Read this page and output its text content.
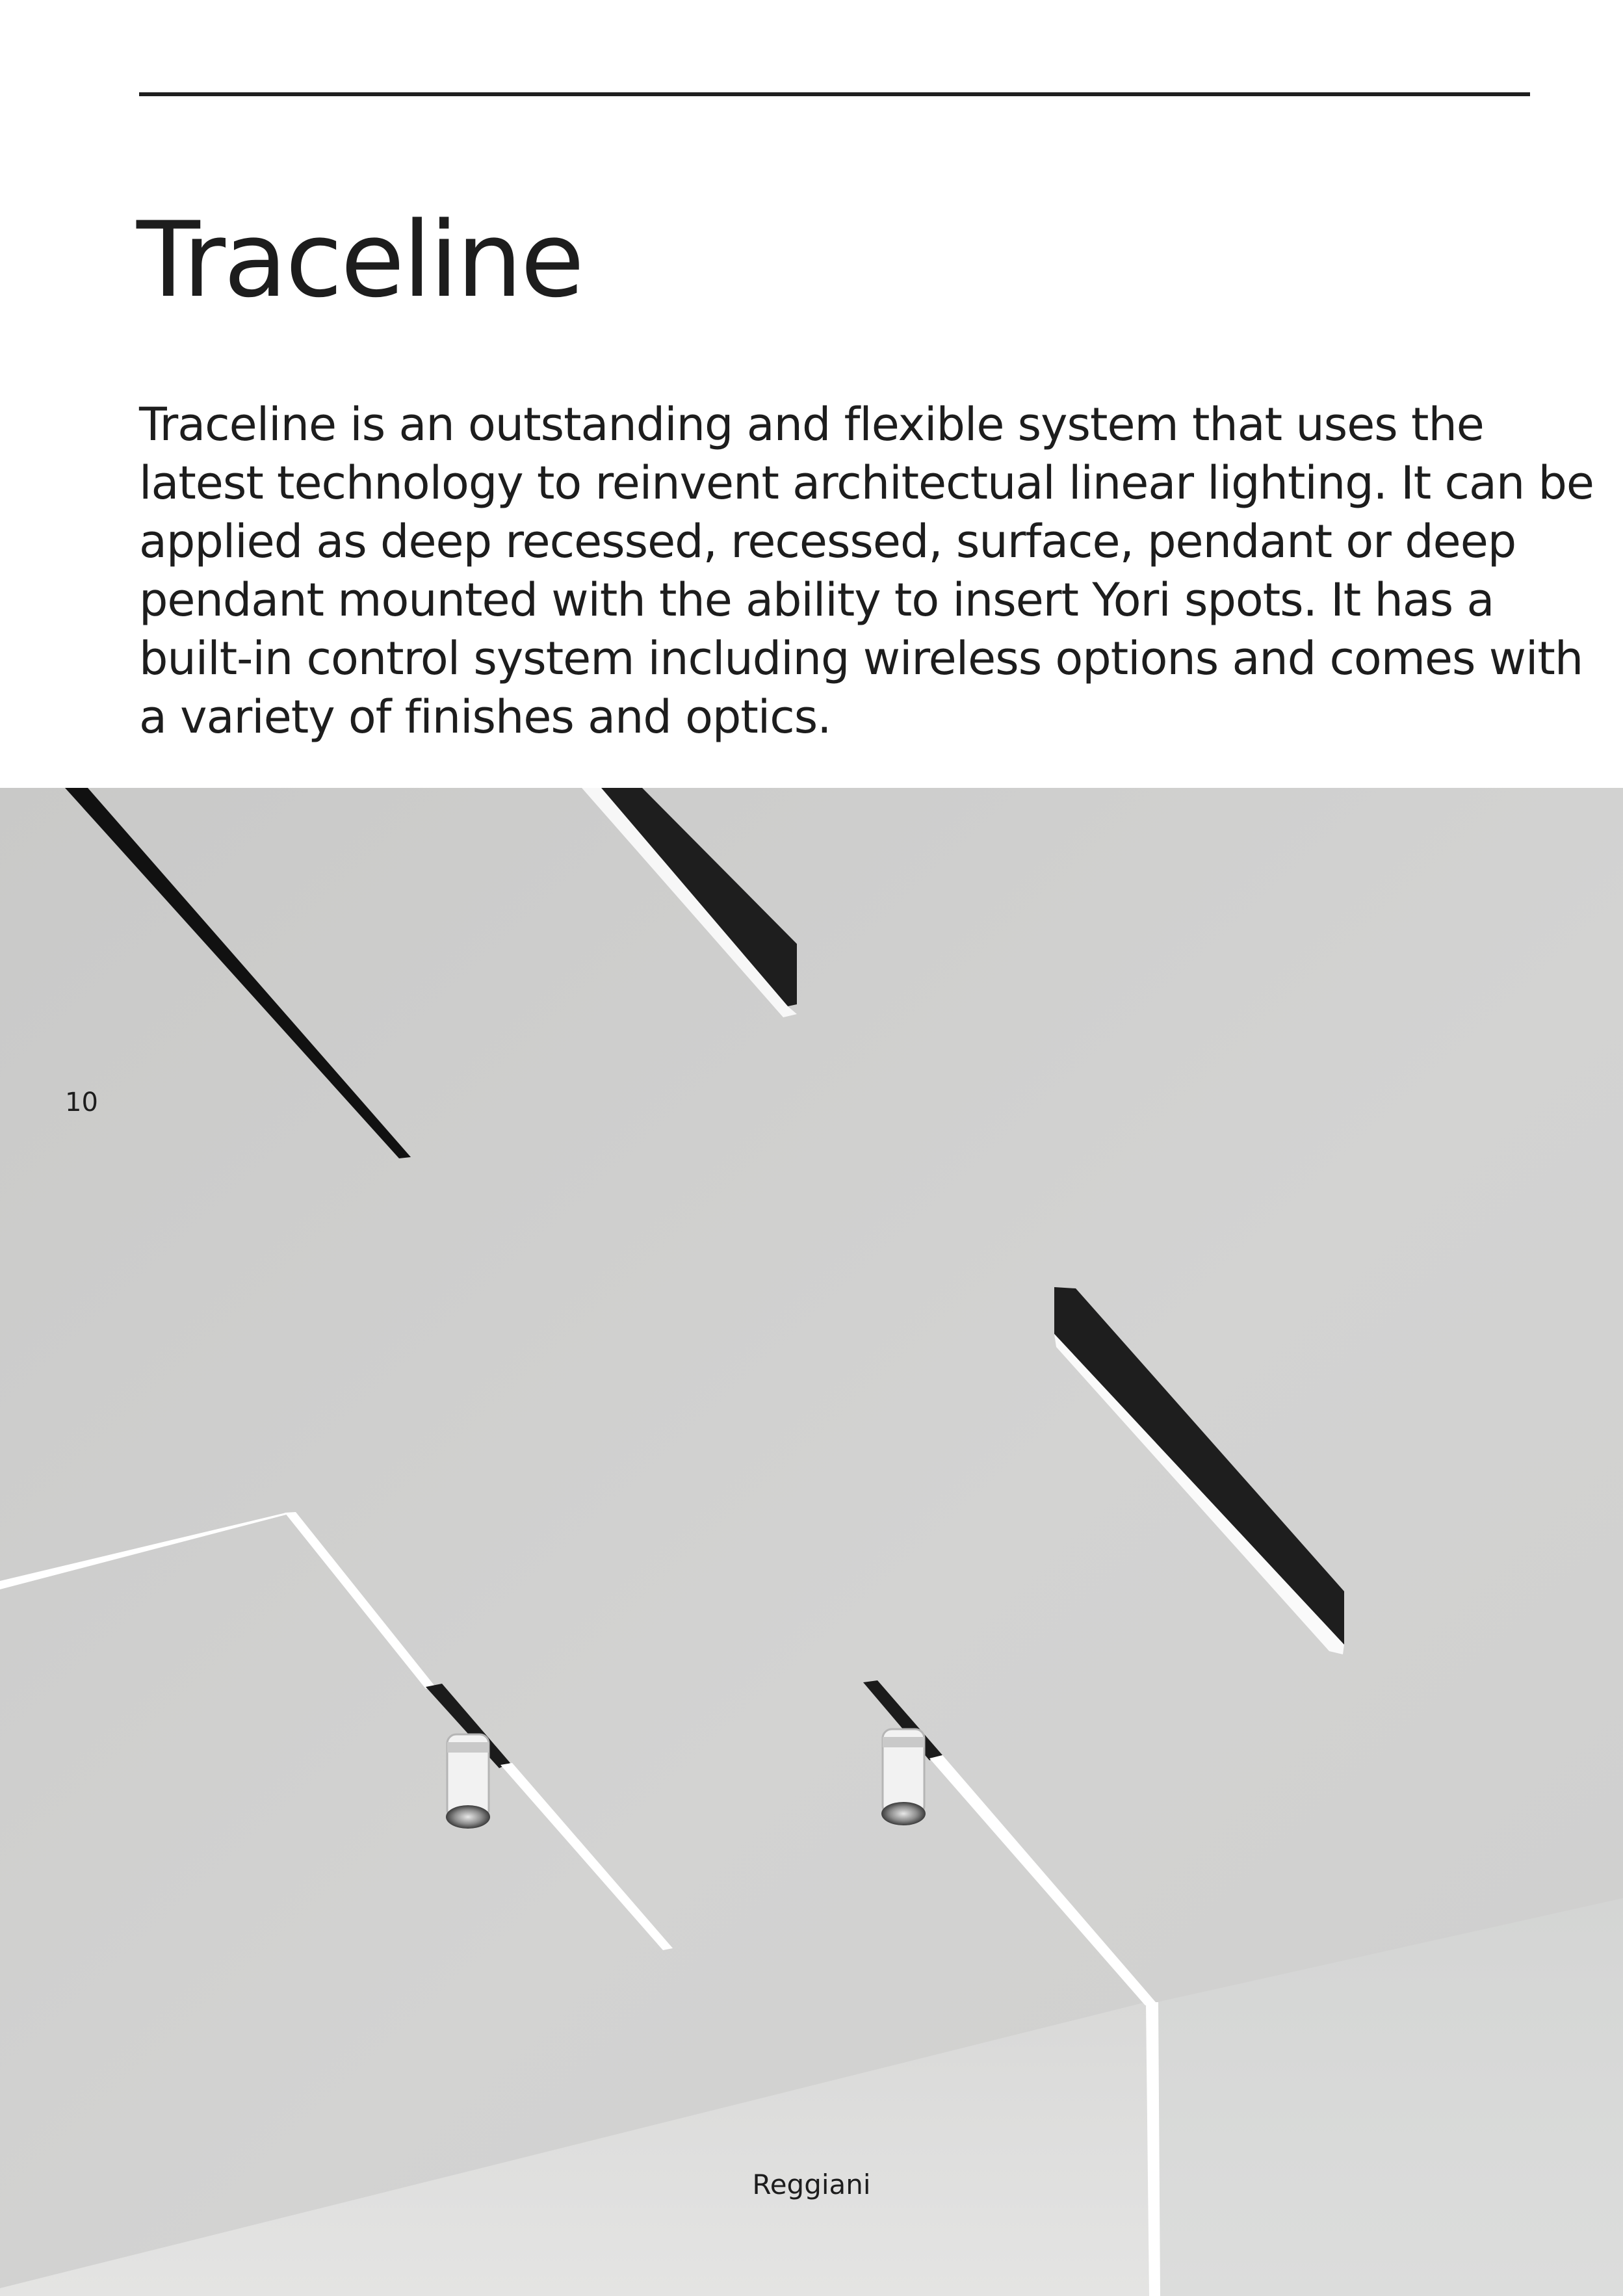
Traceline

Traceline is an outstanding and flexible system that uses the latest technology to reinvent architectual linear lighting. It can be applied as deep recessed, recessed, surface, pendant or deep pendant mounted with the ability to insert Yori spots. It has a built-in control system including wireless options and comes with a variety of finishes and optics.

10
Reggiani
